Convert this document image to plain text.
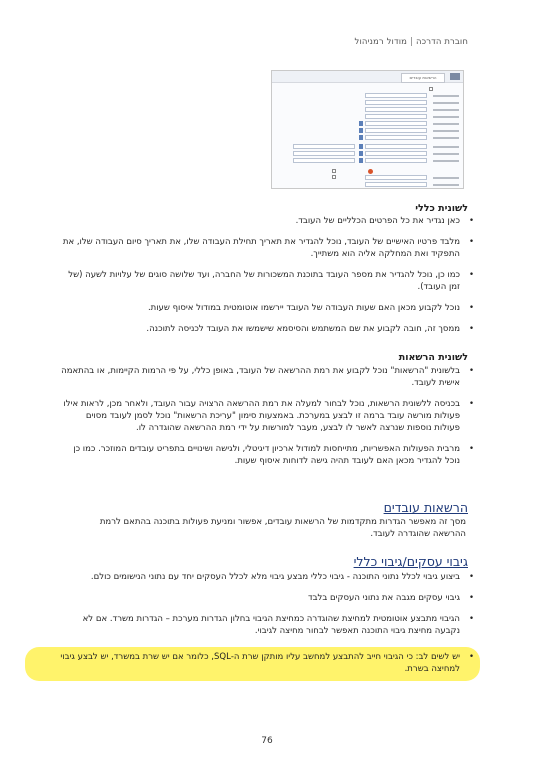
חוברת הדרכה|מודול רמניהול
הרשאות עובדים
לשונית כללי
•
כאן נגדיר את כל הפרטים הכלליים של העובד.
•
מלבד פרטיו האישיים של העובד, נוכל להגדיר את תאריך תחילת העבודה שלו, את תאריך סיום העבודה שלו, את התפקיד ואת המחלקה אליה הוא משתייך.
•
כמו כן, נוכל להגדיר את מספר העובד בתוכנת המשכורות של החברה, ועד שלושה סוגים של עלויות לשעה (של זמן העובד).
•
נוכל לקבוע מכאן האם שעות העבודה של העובד יירשמו אוטומטית במודול איסוף שעות.
•
ממסך זה, חובה לקבוע את שם המשתמש והסיסמא שישמשו את העובד לכניסה לתוכנה.
לשונית הרשאות
•
בלשונית "הרשאות" נוכל לקבוע את רמת ההרשאה של העובד, באופן כללי, על פי הרמות הקיימות, או בהתאמה אישית לעובד.
•
בכניסה ללשונית הרשאות, נוכל לבחור למעלה את רמת ההרשאה הרצויה עבור העובד, ולאחר מכן, לראות אילו פעולות מורשה עובד ברמה זו לבצע במערכת. באמצעות סימון "עריכת הרשאות" נוכל לסמן לעובד מסוים פעולות נוספות שנרצה לאשר לו לבצע, מעבר למורשות על ידי רמת ההרשאה שהוגדרה לו.
•
מרבית הפעולות האפשריות, מתייחסות למודול ארכיון דיגיטלי, ולגישה ושינויים בתפריט עובדים המוזכר. כמו כן נוכל להגדיר מכאן האם לעובד תהיה גישה לדוחות איסוף שעות.
הרשאות עובדים
מסך זה מאפשר הגדרות מתקדמות של הרשאות עובדים, אפשור ומניעת פעולות בתוכנה בהתאם לרמת ההרשאה שהוגדרה לעובד.
גיבוי עסקים/גיבוי כללי
•
ביצוע גיבוי לכלל נתוני התוכנה - גיבוי כללי מבצע גיבוי מלא לכלל העסקים יחד עם נתוני הנישומים כולם.
•
גיבוי עסקים מגבה את נתוני העסקים בלבד
•
הגיבוי מתבצע אוטומטית למחיצת שהוגדרה כמחיצת הגיבוי בחלון הגדרות מערכת – הגדרות משרד. אם לא נקבעה מחיצת גיבוי התוכנה תאפשר לבחור מחיצה לגיבוי.
•
יש לשים לב: כי הגיבוי חייב להתבצע למחשב עליו מותקן שרת ה-SQL, כלומר אם יש שרת במשרד, יש לבצע גיבוי למחיצה בשרת.
76
